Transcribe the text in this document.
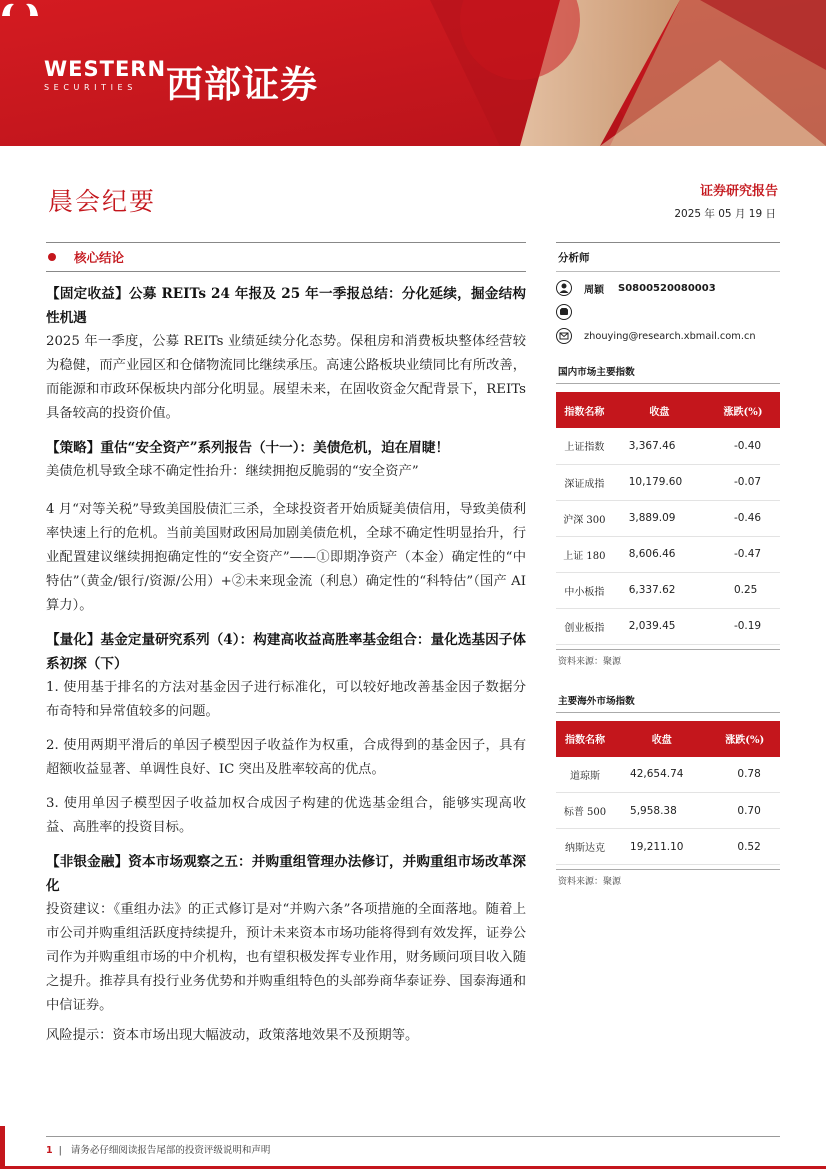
WESTERN
SECURITIES 西部证券
晨会纪要	证券研究报告
2025 年 05 月 19 日
核心结论
【固定收益】公募 REITs 24 年报及 25 年一季报总结：分化延续，掘金结构性机遇
2025 年一季度，公募 REITs 业绩延续分化态势。保租房和消费板块整体经营较为稳健，而产业园区和仓储物流同比继续承压。高速公路板块业绩同比有所改善，而能源和市政环保板块内部分化明显。展望未来，在固收资金欠配背景下，REITs 具备较高的投资价值。
【策略】重估“安全资产”系列报告（十一）：美债危机，迫在眉睫！
美债危机导致全球不确定性抬升：继续拥抱反脆弱的“安全资产”
4 月“对等关税”导致美国股债汇三杀，全球投资者开始质疑美债信用，导致美债利率快速上行的危机。当前美国财政困局加剧美债危机，全球不确定性明显抬升，行业配置建议继续拥抱确定性的“安全资产”——①即期净资产（本金）确定性的“中特估”（黄金/银行/资源/公用）+②未来现金流（利息）确定性的“科特估”（国产 AI 算力）。
【量化】基金定量研究系列（4）：构建高收益高胜率基金组合：量化选基因子体系初探（下）
1. 使用基于排名的方法对基金因子进行标准化，可以较好地改善基金因子数据分布奇特和异常值较多的问题。
2. 使用两期平滑后的单因子模型因子收益作为权重，合成得到的基金因子，具有超额收益显著、单调性良好、IC 突出及胜率较高的优点。
3. 使用单因子模型因子收益加权合成因子构建的优选基金组合，能够实现高收益、高胜率的投资目标。
【非银金融】资本市场观察之五：并购重组管理办法修订，并购重组市场改革深化
投资建议：《重组办法》的正式修订是对“并购六条”各项措施的全面落地。随着上市公司并购重组活跃度持续提升，预计未来资本市场功能将得到有效发挥，证券公司作为并购重组市场的中介机构，也有望积极发挥专业作用，财务顾问项目收入随之提升。推荐具有投行业务优势和并购重组特色的头部券商华泰证券、国泰海通和中信证券。
风险提示：资本市场出现大幅波动，政策落地效果不及预期等。
分析师
周颖 S0800520080003
zhouying@research.xbmail.com.cn
国内市场主要指数
指数名称	收盘	涨跌(%)
上证指数	3,367.46	-0.40
深证成指	10,179.60	-0.07
沪深 300	3,889.09	-0.46
上证 180	8,606.46	-0.47
中小板指	6,337.62	0.25
创业板指	2,039.45	-0.19
资料来源：聚源
主要海外市场指数
指数名称	收盘	涨跌(%)
道琼斯	42,654.74	0.78
标普 500	5,958.38	0.70
纳斯达克	19,211.10	0.52
资料来源：聚源
1 | 请务必仔细阅读报告尾部的投资评级说明和声明
